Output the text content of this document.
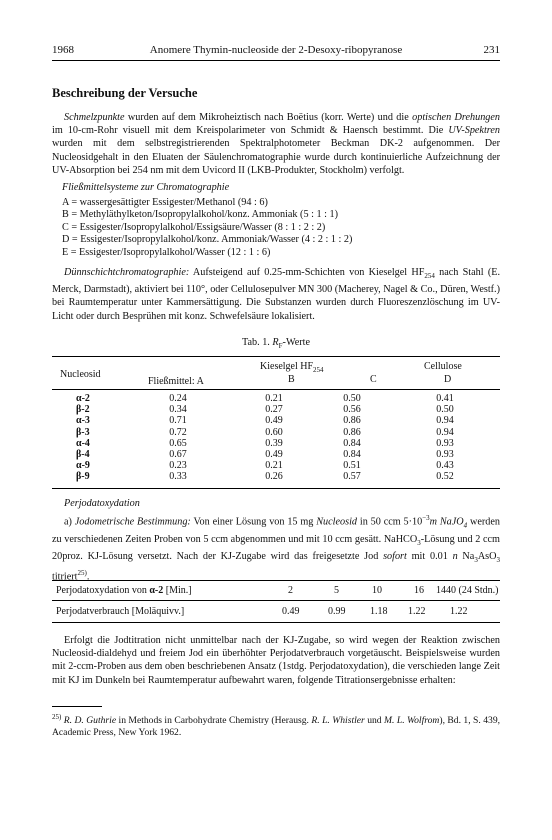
1968	Anomere Thymin-nucleoside der 2-Desoxy-ribopyranose	231
Beschreibung der Versuche

Schmelzpunkte wurden auf dem Mikroheiztisch nach Boëtius (korr. Werte) und die optischen Drehungen im 10-cm-Rohr visuell mit dem Kreispolarimeter von Schmidt & Haensch bestimmt. Die UV-Spektren wurden mit dem selbstregistrierenden Spektralphotometer Beckman DK-2 aufgenommen. Der Nucleosidgehalt in den Eluaten der Säulenchromatographie wurde durch kontinuierliche Aufzeichnung der UV-Absorption bei 254 nm mit dem Uvicord II (LKB-Produkter, Stockholm) verfolgt.

Fließmittelsysteme zur Chromatographie
A = wassergesättigter Essigester/Methanol (94 : 6)
B = Methyläthylketon/Isopropylalkohol/konz. Ammoniak (5 : 1 : 1)
C = Essigester/Isopropylalkohol/Essigsäure/Wasser (8 : 1 : 2 : 2)
D = Essigester/Isopropylalkohol/konz. Ammoniak/Wasser (4 : 2 : 1 : 2)
E = Essigester/Isopropylalkohol/Wasser (12 : 1 : 6)

Dünnschichtchromatographie: Aufsteigend auf 0.25-mm-Schichten von Kieselgel $HF_{254}$ nach Stahl (E. Merck, Darmstadt), aktiviert bei 110°, oder Cellulosepulver MN 300 (Macherey, Nagel & Co., Düren, Westf.) bei Raumtemperatur unter Kammersättigung. Die Substanzen wurden durch Fluoreszenzlöschung im UV-Licht oder durch Besprühen mit konz. Schwefelsäure lokalisiert.

Tab. 1. $R_F$-Werte
Nucleosid
Kieselgel $HF_{254}$	Cellulose
Fließmittel: A	B	C	D
α-2	0.24	0.21	0.50	0.41
β-2	0.34	0.27	0.56	0.50
α-3	0.71	0.49	0.86	0.94
β-3	0.72	0.60	0.86	0.94
α-4	0.65	0.39	0.84	0.93
β-4	0.67	0.49	0.84	0.93
α-9	0.23	0.21	0.51	0.43
β-9	0.33	0.26	0.57	0.52
Perjodatoxydation

a) Jodometrische Bestimmung: Von einer Lösung von 15 mg Nucleosid in 50 ccm $5\cdot 10^{-3}m$ NaJO$_4$ werden zu verschiedenen Zeiten Proben von 5 ccm abgenommen und mit 10 ccm gesätt. NaHCO$_3$-Lösung und 2 ccm 20proz. KJ-Lösung versetzt. Nach der KJ-Zugabe wird das freigesetzte Jod sofort mit 0.01 n $Na_3AsO_3$ titriert$^{25)}$.

Perjodatoxydation von α-2 [Min.]	2	5	10	16 1440 (24 Stdn.)
Perjodatverbrauch [Moläquivv.]	0.49	0.99 1.18 1.22 1.22

Erfolgt die Jodtitration nicht unmittelbar nach der KJ-Zugabe, so wird wegen der Reaktion zwischen Nucleosid-dialdehyd und freiem Jod ein überhöhter Perjodatverbrauch vorgetäuscht. Beispielsweise wurden mit 2-ccm-Proben aus dem oben beschriebenen Ansatz (1stdg. Perjodatoxydation), die verschieden lange Zeit mit KJ im Dunkeln bei Raumtemperatur aufbewahrt waren, folgende Titrationsergebnisse erhalten:

$^{25)}$ R. D. Guthrie in Methods in Carbohydrate Chemistry (Herausg. R. L. Whistler und M. L. Wolfrom), Bd. 1, S. 439, Academic Press, New York 1962.
